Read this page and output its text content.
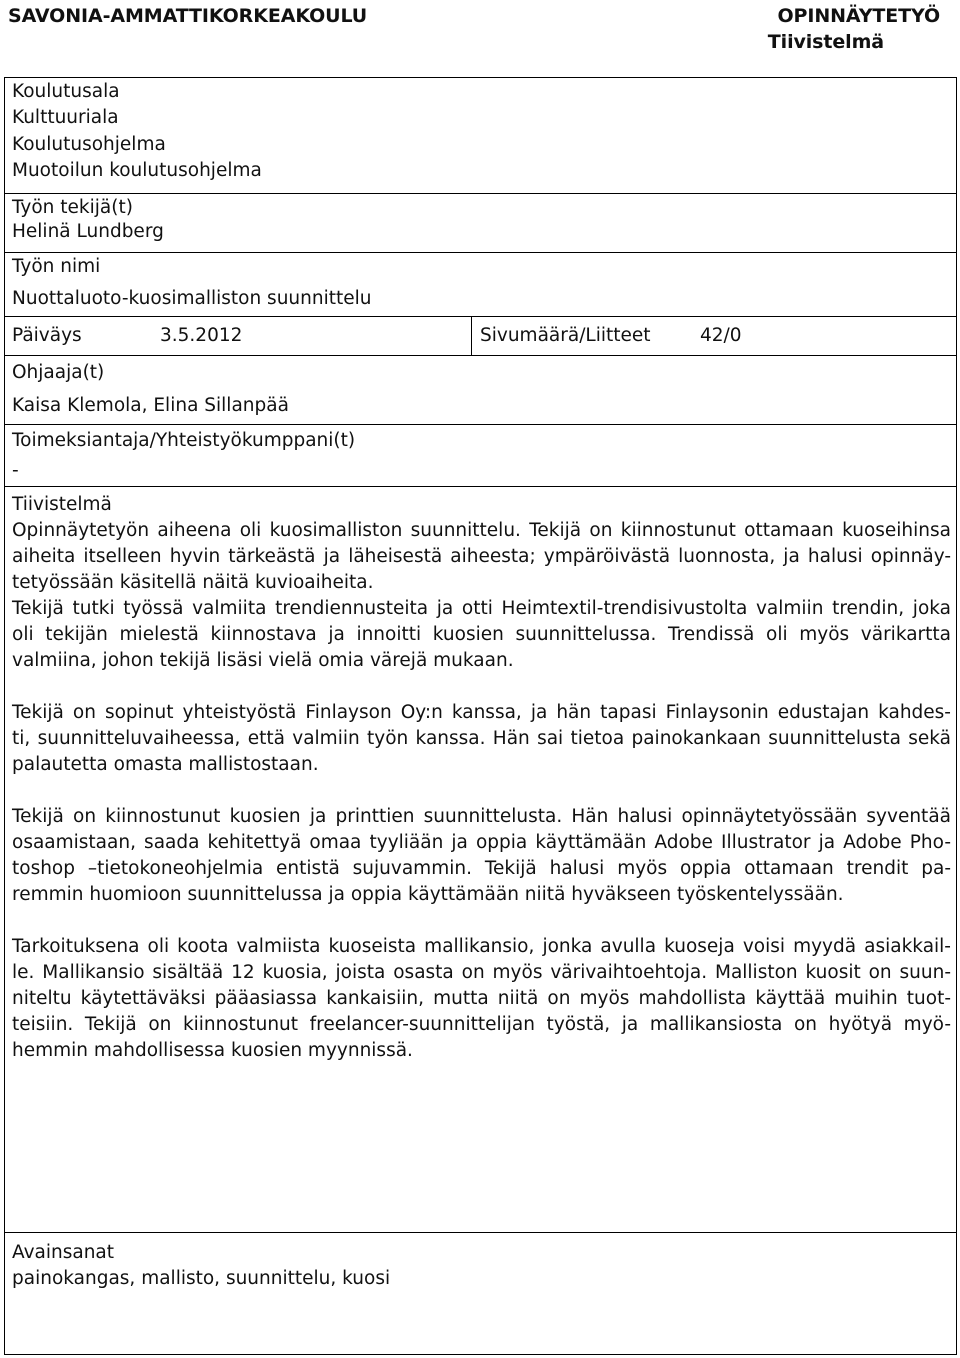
SAVONIA-AMMATTIKORKEAKOULU	OPINNÄYTETYÖ
Tiivistelmä
Koulutusala
Kulttuuriala
Koulutusohjelma
Muotoilun koulutusohjelma
Työn tekijä(t)
Helinä Lundberg
Työn nimi
Nuottaluoto-kuosimalliston suunnittelu
Päiväys	3.5.2012	Sivumäärä/Liitteet	42/0
Ohjaaja(t)
Kaisa Klemola, Elina Sillanpää
Toimeksiantaja/Yhteistyökumppani(t)
-
Tiivistelmä
Opinnäytetyön aiheena oli kuosimalliston suunnittelu. Tekijä on kiinnostunut ottamaan kuoseihinsa
aiheita itselleen hyvin tärkeästä ja läheisestä aiheesta; ympäröivästä luonnosta, ja halusi opinnäy-
tetyössään käsitellä näitä kuvioaiheita.
Tekijä tutki työssä valmiita trendiennusteita ja otti Heimtextil-trendisivustolta valmiin trendin, joka
oli tekijän mielestä kiinnostava ja innoitti kuosien suunnittelussa. Trendissä oli myös värikartta
valmiina, johon tekijä lisäsi vielä omia värejä mukaan.
Tekijä on sopinut yhteistyöstä Finlayson Oy:n kanssa, ja hän tapasi Finlaysonin edustajan kahdes-
ti, suunnitteluvaiheessa, että valmiin työn kanssa. Hän sai tietoa painokankaan suunnittelusta sekä
palautetta omasta mallistostaan.
Tekijä on kiinnostunut kuosien ja printtien suunnittelusta. Hän halusi opinnäytetyössään syventää
osaamistaan, saada kehitettyä omaa tyyliään ja oppia käyttämään Adobe Illustrator ja Adobe Pho-
toshop –tietokoneohjelmia entistä sujuvammin. Tekijä halusi myös oppia ottamaan trendit pa-
remmin huomioon suunnittelussa ja oppia käyttämään niitä hyväkseen työskentelyssään.
Tarkoituksena oli koota valmiista kuoseista mallikansio, jonka avulla kuoseja voisi myydä asiakkail-
le. Mallikansio sisältää 12 kuosia, joista osasta on myös värivaihtoehtoja. Malliston kuosit on suun-
niteltu käytettäväksi pääasiassa kankaisiin, mutta niitä on myös mahdollista käyttää muihin tuot-
teisiin. Tekijä on kiinnostunut freelancer-suunnittelijan työstä, ja mallikansiosta on hyötyä myö-
hemmin mahdollisessa kuosien myynnissä.
Avainsanat
painokangas, mallisto, suunnittelu, kuosi
